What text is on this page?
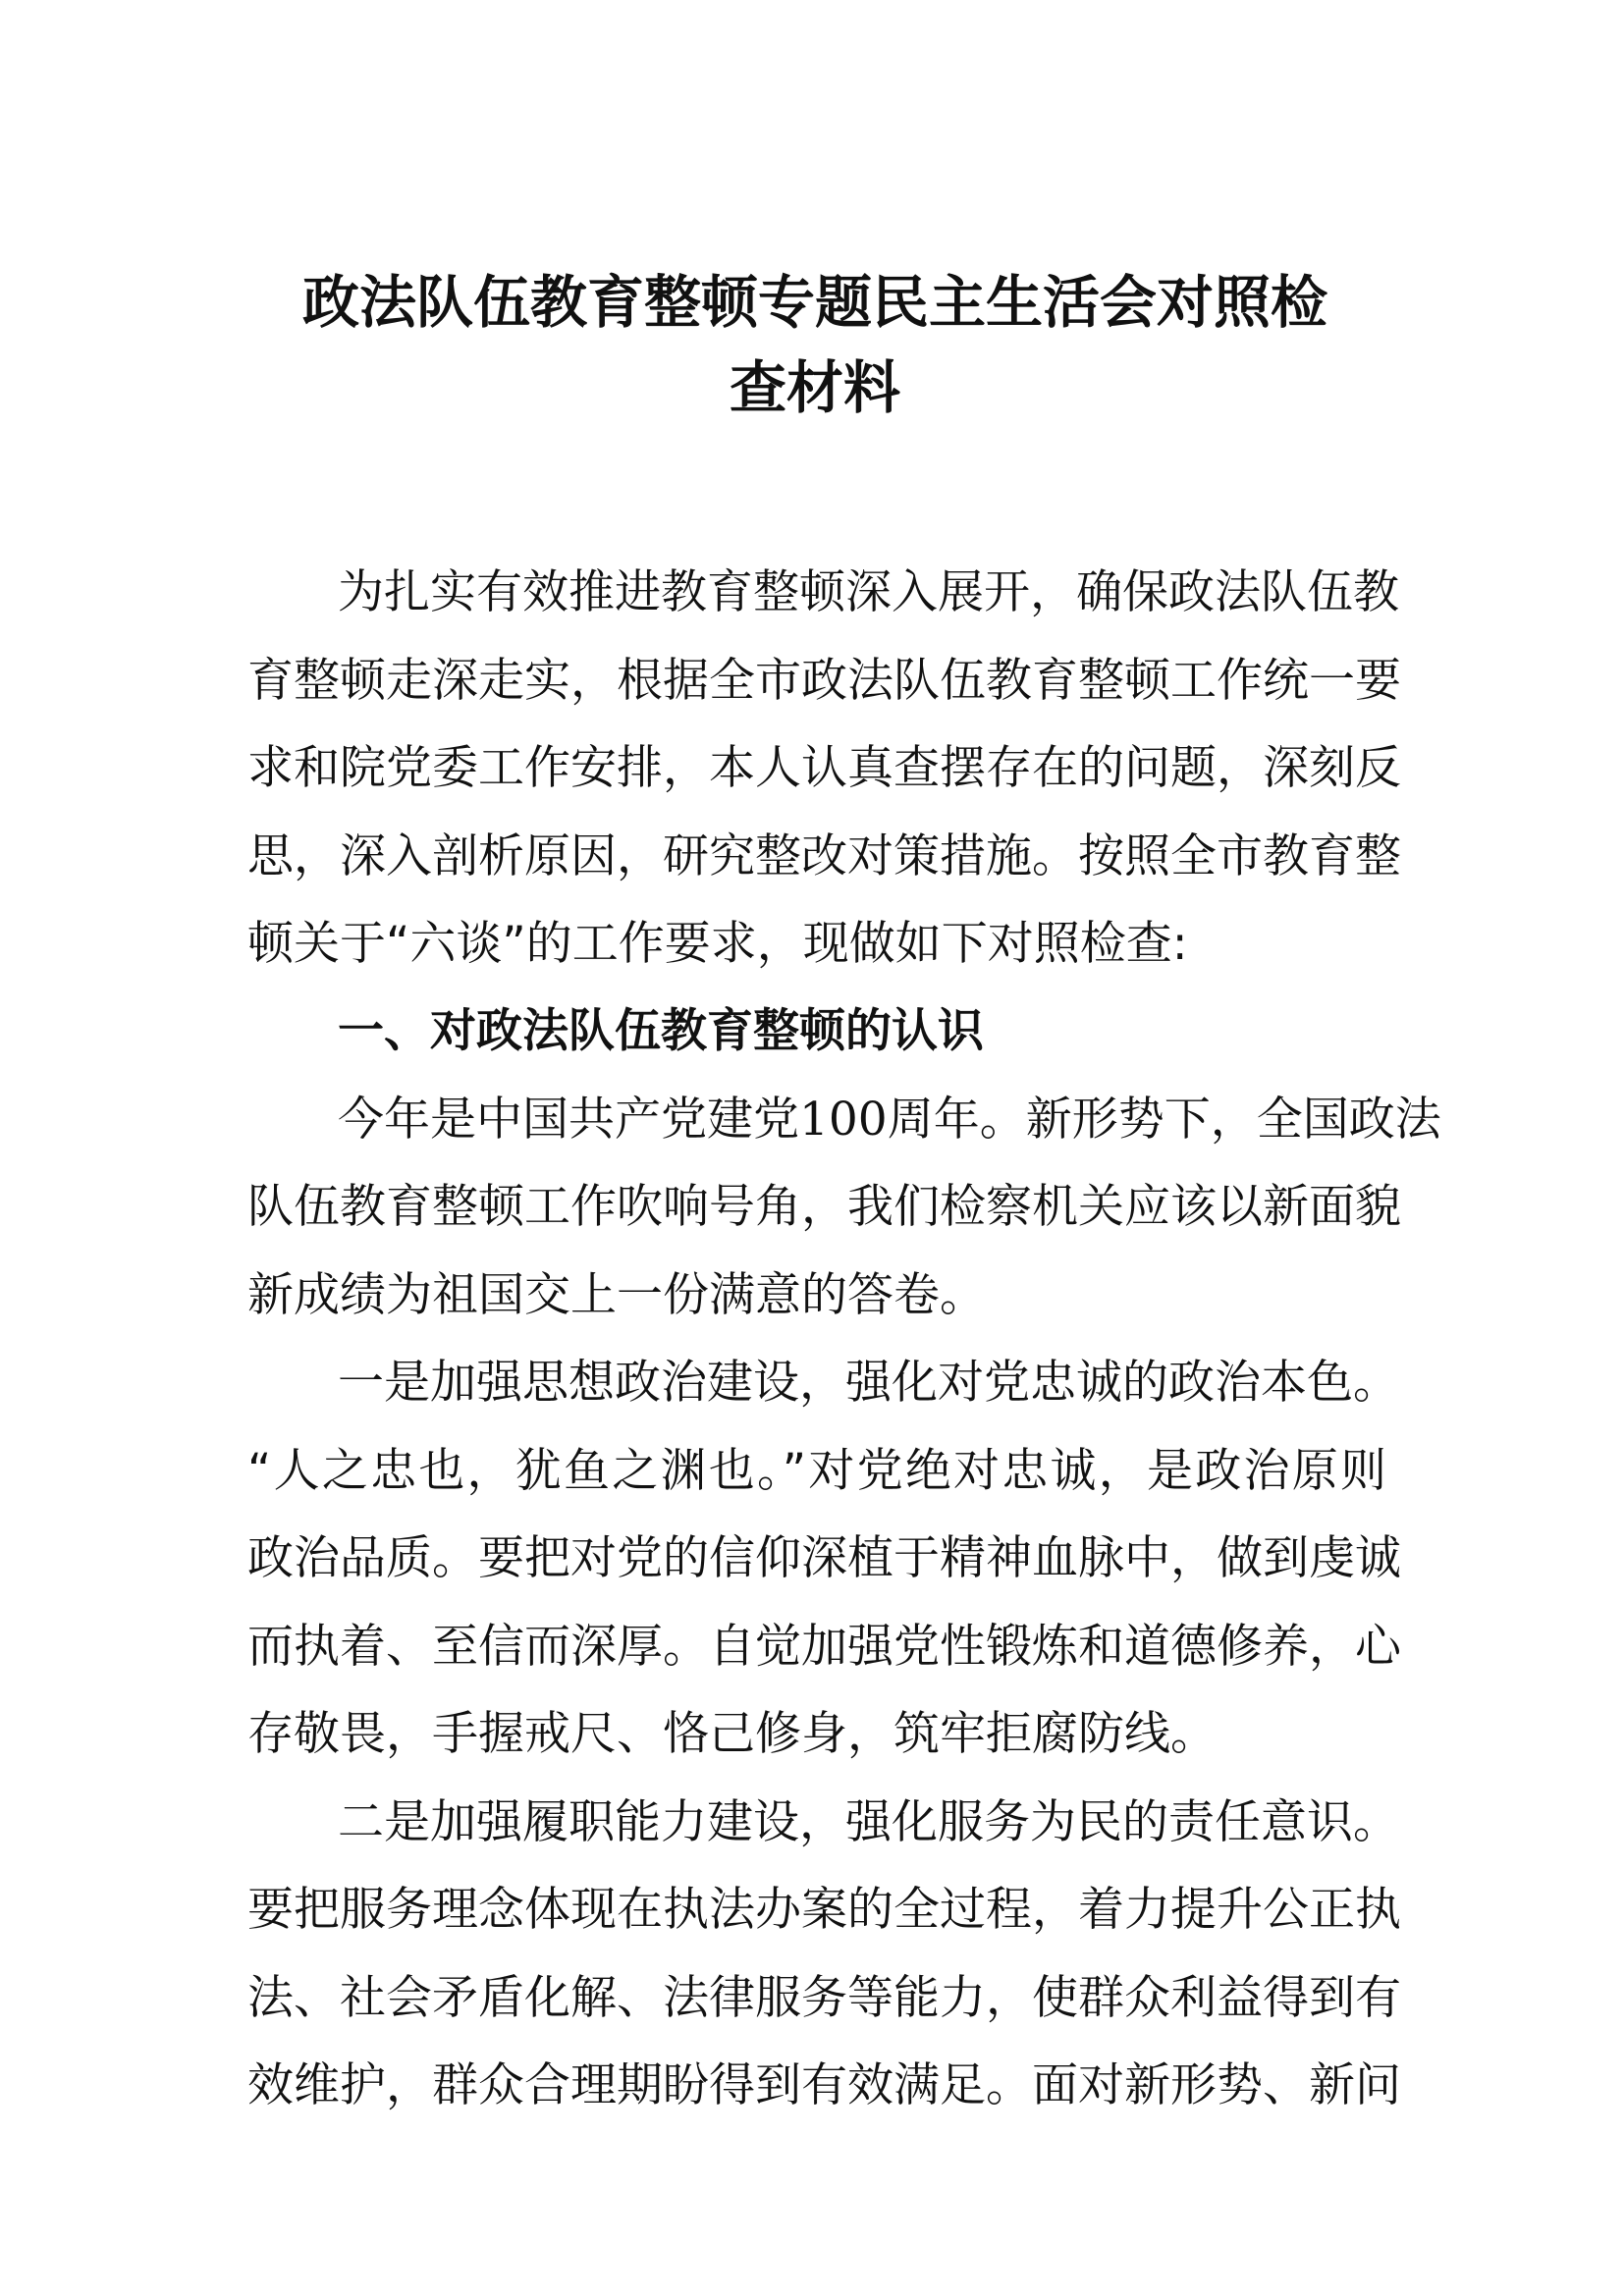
政法队伍教育整顿专题民主生活会对照检
查材料
为扎实有效推进教育整顿深入展开，确保政法队伍教
育整顿走深走实，根据全市政法队伍教育整顿工作统一要
求和院党委工作安排，本人认真查摆存在的问题，深刻反
思，深入剖析原因，研究整改对策措施。按照全市教育整
顿关于“六谈”的工作要求，现做如下对照检查:
一、对政法队伍教育整顿的认识
今年是中国共产党建党100周年。新形势下，全国政法
队伍教育整顿工作吹响号角，我们检察机关应该以新面貌
新成绩为祖国交上一份满意的答卷。
一是加强思想政治建设，强化对党忠诚的政治本色。
“人之忠也，犹鱼之渊也。”对党绝对忠诚，是政治原则
政治品质。要把对党的信仰深植于精神血脉中，做到虔诚
而执着、至信而深厚。自觉加强党性锻炼和道德修养，心
存敬畏，手握戒尺、恪己修身，筑牢拒腐防线。
二是加强履职能力建设，强化服务为民的责任意识。
要把服务理念体现在执法办案的全过程，着力提升公正执
法、社会矛盾化解、法律服务等能力，使群众利益得到有
效维护，群众合理期盼得到有效满足。面对新形势、新问
